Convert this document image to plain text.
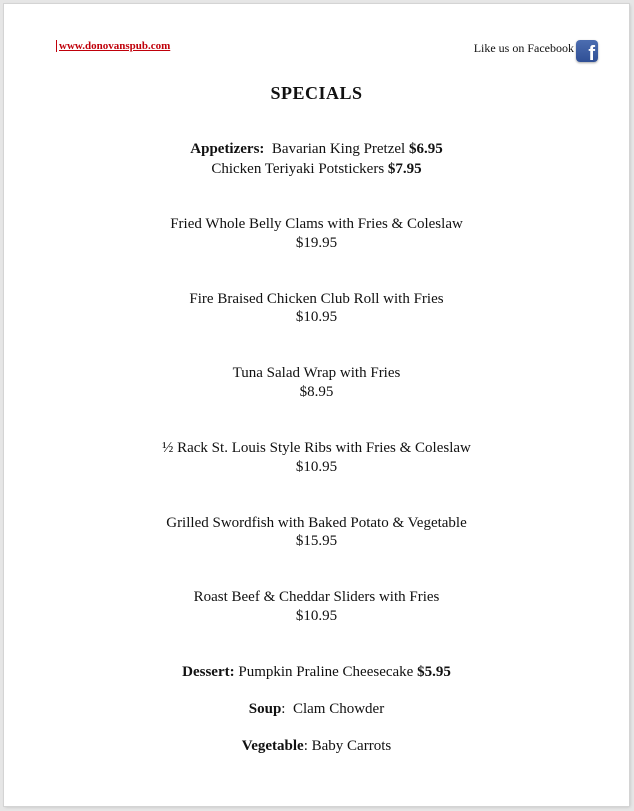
www.donovanspub.com	Like us on Facebook f
SPECIALS
Appetizers: Bavarian King Pretzel $6.95
Chicken Teriyaki Potstickers $7.95
Fried Whole Belly Clams with Fries & Coleslaw
$19.95
Fire Braised Chicken Club Roll with Fries
$10.95
Tuna Salad Wrap with Fries
$8.95
½ Rack St. Louis Style Ribs with Fries & Coleslaw
$10.95
Grilled Swordfish with Baked Potato & Vegetable
$15.95
Roast Beef & Cheddar Sliders with Fries
$10.95
Dessert: Pumpkin Praline Cheesecake $5.95
Soup:  Clam Chowder
Vegetable: Baby Carrots
